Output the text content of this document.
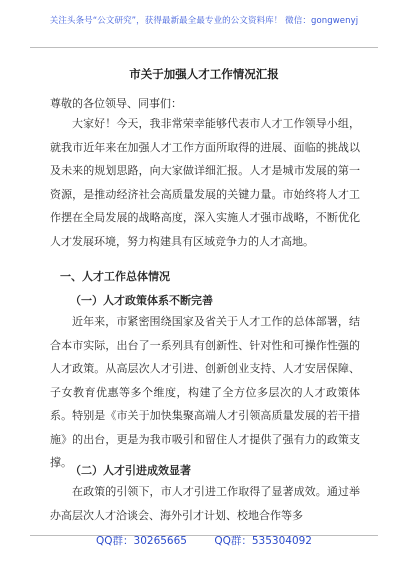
关注头条号“公文研究”，获得最新最全最专业的公文资料库！ 微信：gongwenyj
市关于加强人才工作情况汇报
尊敬的各位领导、同事们：

大家好！今天，我非常荣幸能够代表市人才工作领导小组，就我市近年来在加强人才工作方面所取得的进展、面临的挑战以及未来的规划思路，向大家做详细汇报。人才是城市发展的第一资源，是推动经济社会高质量发展的关键力量。市始终将人才工作摆在全局发展的战略高度，深入实施人才强市战略，不断优化人才发展环境，努力构建具有区域竞争力的人才高地。

一、人才工作总体情况
（一）人才政策体系不断完善

近年来，市紧密围绕国家及省关于人才工作的总体部署，结合本市实际，出台了一系列具有创新性、针对性和可操作性强的人才政策。从高层次人才引进、创新创业支持、人才安居保障、子女教育优惠等多个维度，构建了全方位多层次的人才政策体系。特别是《市关于加快集聚高端人才引领高质量发展的若干措施》的出台，更是为我市吸引和留住人才提供了强有力的政策支撑。

（二）人才引进成效显著

在政策的引领下，市人才引进工作取得了显著成效。通过举办高层次人才洽谈会、海外引才计划、校地合作等多

QQ群：30265665	QQ群：535304092
